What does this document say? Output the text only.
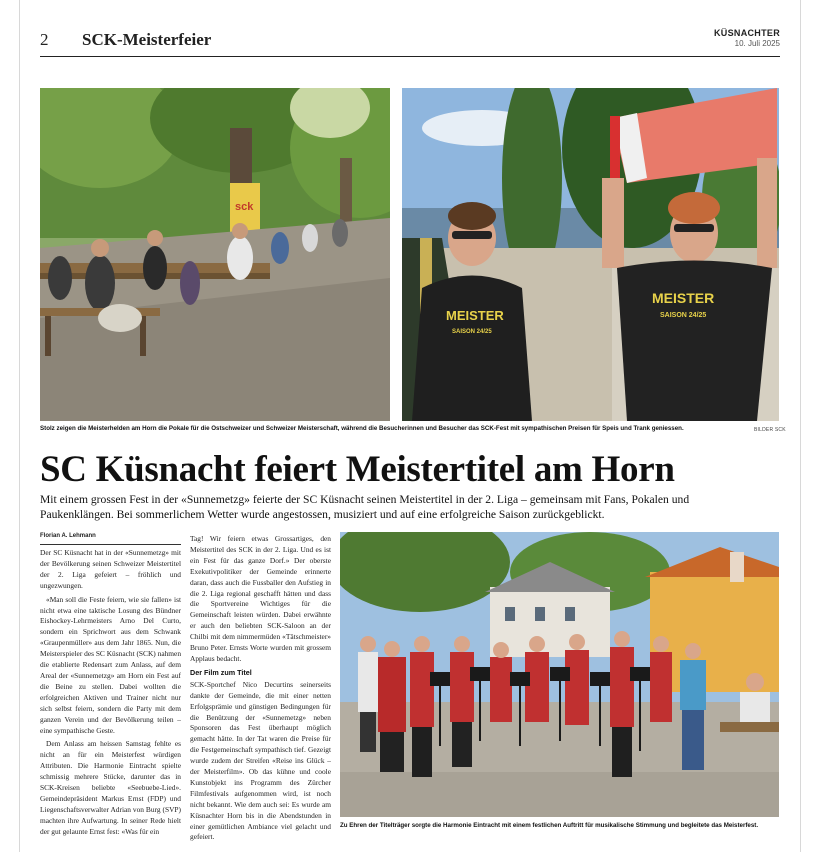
2 SCK-Meisterfeier	KÜSNACHTER
10. Juli 2025
sck
MEISTER
SAISON 24/25
MEISTER
SAISON 24/25
Stolz zeigen die Meisterhelden am Horn die Pokale für die Ostschweizer und Schweizer Meisterschaft, während die Besucherinnen und Besucher das SCK-Fest mit sympathischen Preisen für Speis und Trank geniessen.	BILDER SCK
SC Küsnacht feiert Meistertitel am Horn
Mit einem grossen Fest in der «Sunnemetzg» feierte der SC Küsnacht seinen Meistertitel in der 2. Liga – gemeinsam mit Fans, Pokalen und Paukenklängen. Bei sommerlichem Wetter wurde angestossen, musiziert und auf eine erfolgreiche Saison zurückgeblickt.
Florian A. Lehmann

Der SC Küsnacht hat in der «Sunnemetzg» mit der Bevölkerung seinen Schweizer Meistertitel der 2. Liga gefeiert – fröhlich und ungezwungen.

«Man soll die Feste feiern, wie sie fallen» ist nicht etwa eine taktische Losung des Bündner Eishockey-Lehrmeisters Arno Del Curto, sondern ein Sprichwort aus dem Schwank «Graupenmüller» aus dem Jahr 1865. Nun, die Meisterspieler des SC Küsnacht (SCK) nahmen die etablierte Redensart zum Anlass, auf dem Areal der «Sunnemetzg» am Horn ein Fest auf die Beine zu stellen. Dabei wollten die erfolgreichen Aktiven und Trainer nicht nur sich selbst feiern, sondern die Party mit dem ganzen Verein und der Bevölkerung teilen – eine sympathische Geste.

Dem Anlass am heissen Samstag fehlte es nicht an für ein Meisterfest würdigen Attributen. Die Harmonie Eintracht spielte schmissig mehrere Stücke, darunter das in SCK-Kreisen beliebte «Seebuebe-Lied». Gemeindepräsident Markus Ernst (FDP) und Liegenschaftsverwalter Adrian von Burg (SVP) machten ihre Aufwartung. In seiner Rede hielt der gut gelaunte Ernst fest: «Was für ein

Tag! Wir feiern etwas Grossartiges, den Meistertitel des SCK in der 2. Liga. Und es ist ein Fest für das ganze Dorf.» Der oberste Exekutivpolitiker der Gemeinde erinnerte daran, dass auch die Fussballer den Aufstieg in die 2. Liga regional geschafft hätten und dass die Sportvereine Wichtiges für die Gemeinschaft leisten würden. Dabei erwähnte er auch den beliebten SCK-Saloon an der Chilbi mit dem nimmermüden «Tätschmeister» Bruno Peter. Ernsts Worte wurden mit grossem Applaus bedacht.

Der Film zum Titel

SCK-Sportchef Nico Decurtins seinerseits dankte der Gemeinde, die mit einer netten Erfolgsprämie und günstigen Bedingungen für die Benützung der «Sunnemetzg» neben Sponsoren das Fest überhaupt möglich gemacht hätte. In der Tat waren die Preise für die Festgemeinschaft sympathisch tief. Gezeigt wurde zudem der Streifen «Reise ins Glück – der Meisterfilm». Ob das kühne und coole Kunstobjekt ins Programm des Zürcher Filmfestivals aufgenommen wird, ist noch nicht bekannt. Wie dem auch sei: Es wurde am Küsnachter Horn bis in die Abendstunden in einer gemütlichen Ambiance viel gelacht und gefeiert.

Zu Ehren der Titelträger sorgte die Harmonie Eintracht mit einem festlichen Auftritt für musikalische Stimmung und begleitete das Meisterfest.
